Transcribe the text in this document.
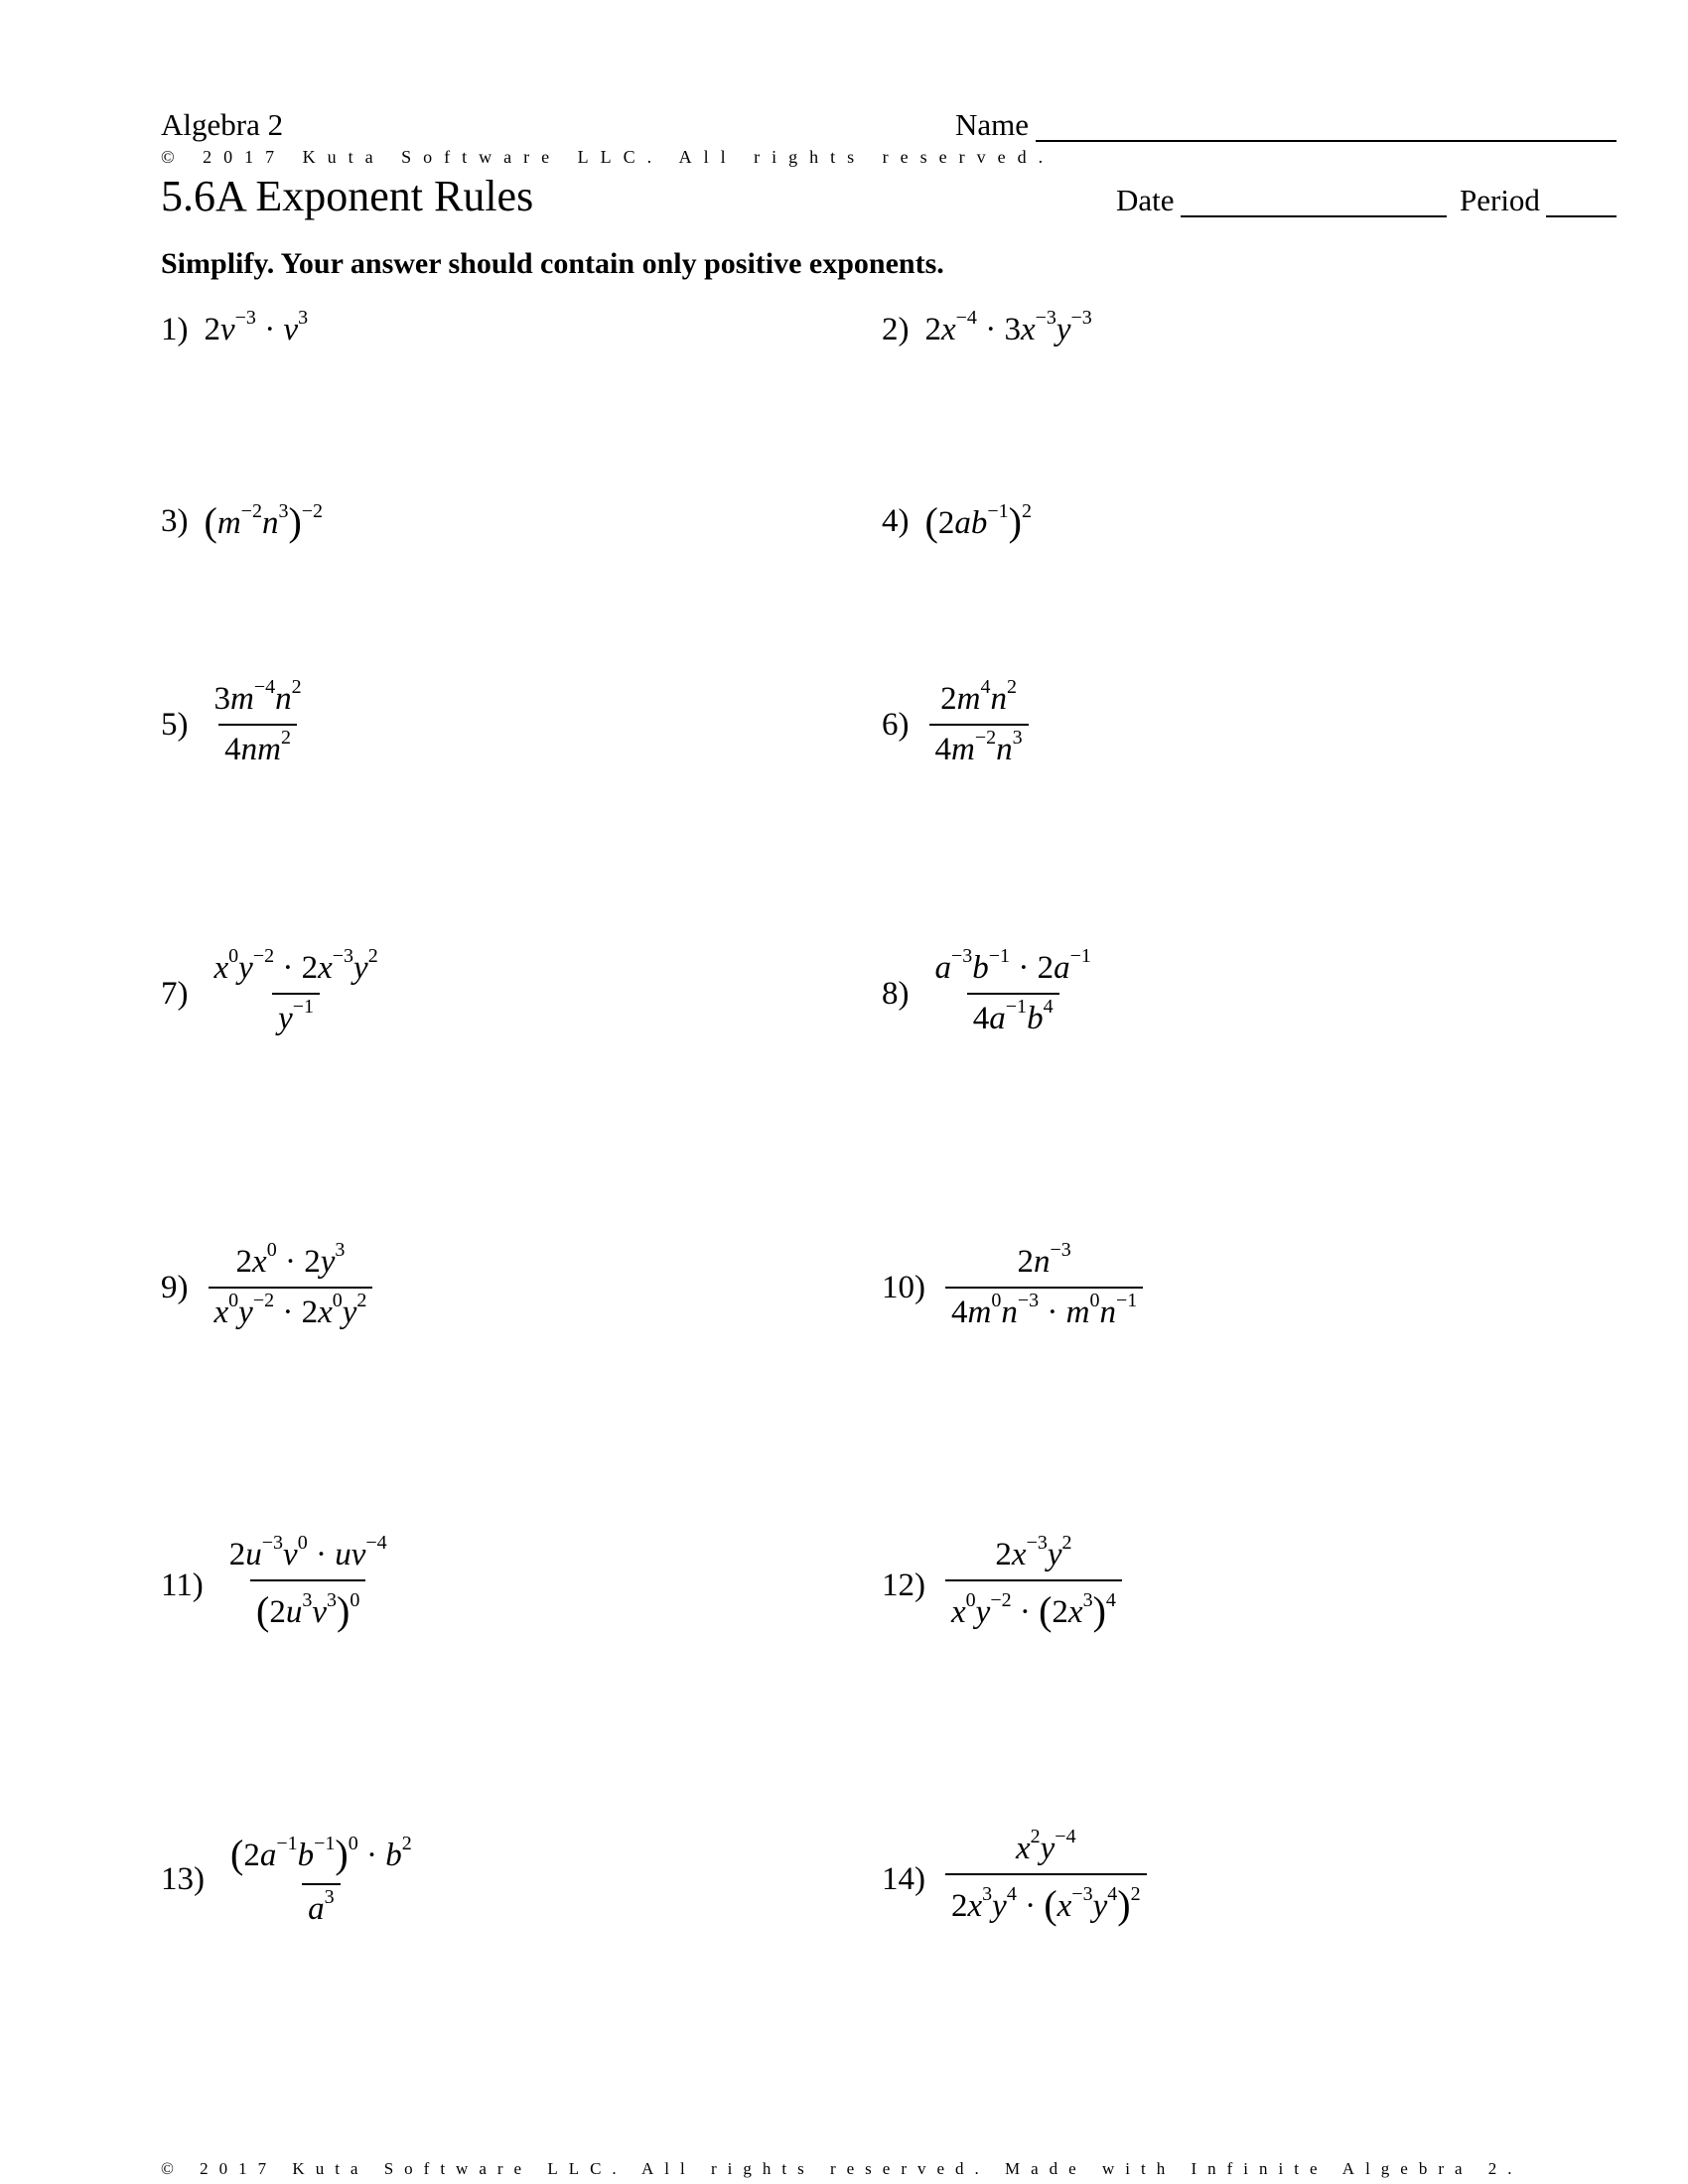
Algebra 2	Name
© 2017 Kuta Software LLC. All rights reserved.
5.6A Exponent Rules	Date	Period
Simplify. Your answer should contain only positive exponents.
1) $2v^{-3} \cdot v^3$	2) $2x^{-4} \cdot 3x^{-3}y^{-3}$
3) $(m^{-2}n^3)^{-2}$	4) $(2ab^{-1})^2$
$5) \frac{3m^{-4}n^2}{4nm^2}$	$6) \frac{2m^4n^2}{4m^{-2}n^3}$
$7) \frac{x^0y^{-2} \cdot 2x^{-3}y^2}{y^{-1}}$	$8) \frac{a^{-3}b^{-1} \cdot 2a^{-1}}{4a^{-1}b^4}$
$9) \frac{2x^0 \cdot 2y^3}{x^0y^{-2} \cdot 2x^0y^2}$	$10) \frac{2n^{-3}}{4m^0n^{-3} \cdot m^0n^{-1}}$
$11) \frac{2u^{-3}v^0 \cdot uv^{-4}}{(2u^3v^3)^0}$	$12) \frac{2x^{-3}y^2}{x^0y^{-2} \cdot (2x^3)^4}$
$13) \frac{(2a^{-1}b^{-1})^0 \cdot b^2}{a^3}$	$14) \frac{x^2y^{-4}}{2x^3y^4 \cdot (x^{-3}y^4)^2}$
© 2017 Kuta Software LLC. All rights reserved. Made with Infinite Algebra 2.
